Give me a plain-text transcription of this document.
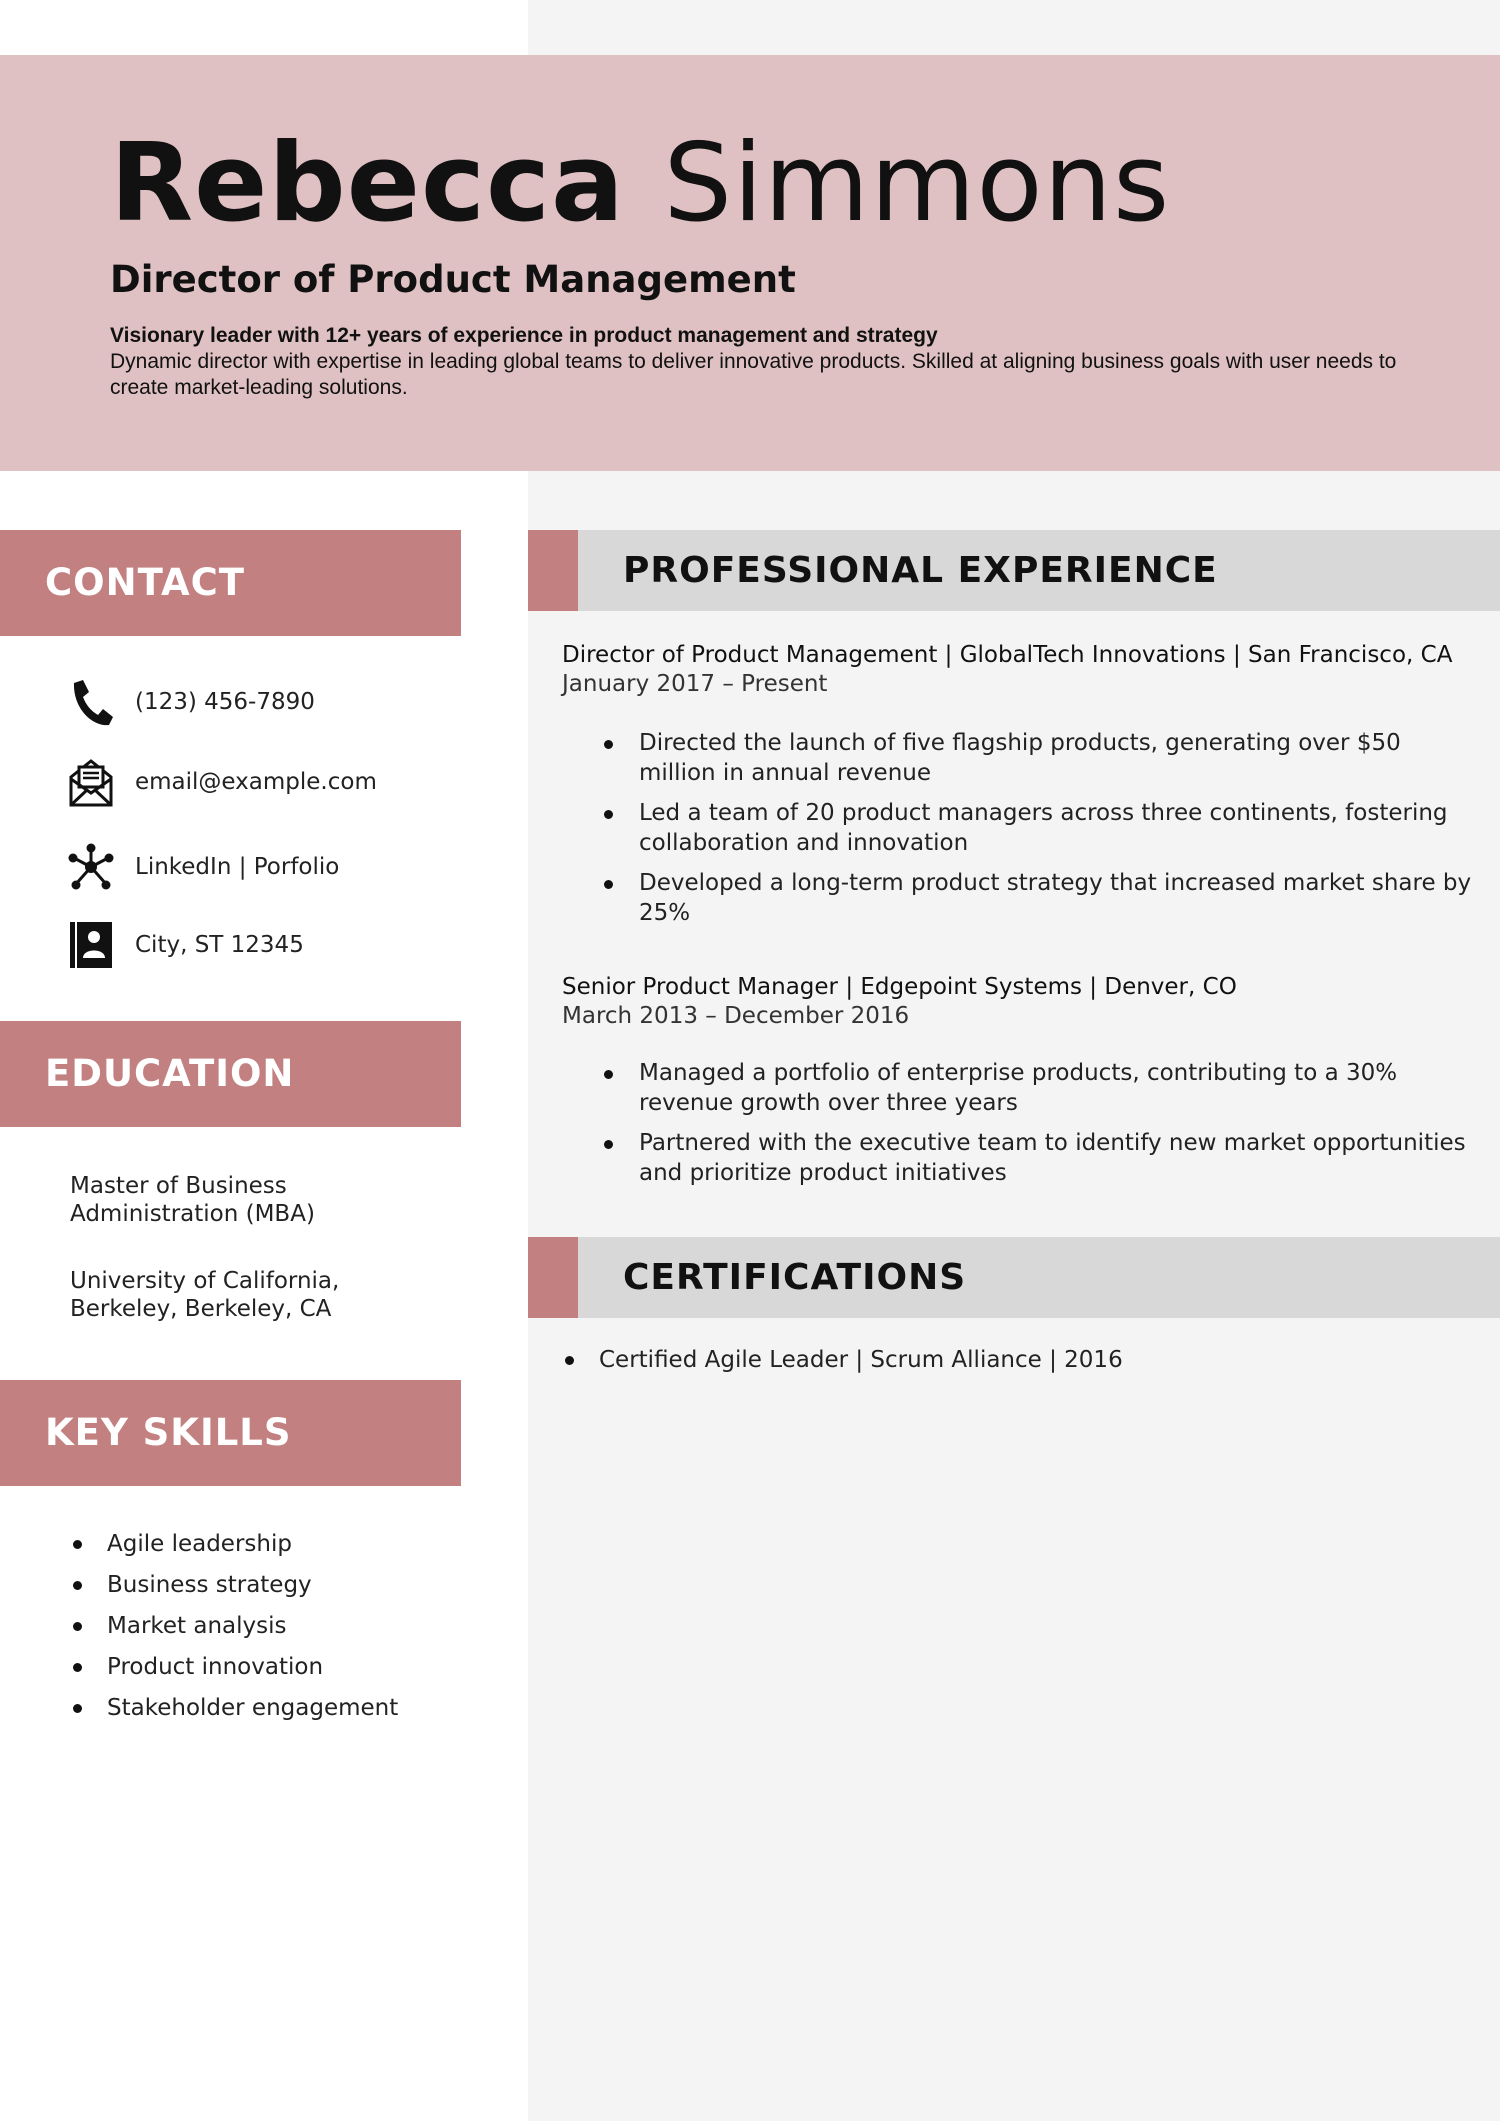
Rebecca Simmons
Director of Product Management
Visionary leader with 12+ years of experience in product management and strategy
Dynamic director with expertise in leading global teams to deliver innovative products. Skilled at aligning business goals with user needs to create market-leading solutions.
CONTACT
(123) 456-7890
email@example.com
LinkedIn | Porfolio
City, ST 12345
EDUCATION
Master of Business Administration (MBA)
University of California, Berkeley, Berkeley, CA
KEY SKILLS
Agile leadership
Business strategy
Market analysis
Product innovation
Stakeholder engagement
PROFESSIONAL EXPERIENCE
Director of Product Management | GlobalTech Innovations | San Francisco, CA
January 2017 – Present
Directed the launch of five flagship products, generating over $50 million in annual revenue
Led a team of 20 product managers across three continents, fostering collaboration and innovation
Developed a long-term product strategy that increased market share by 25%
Senior Product Manager | Edgepoint Systems | Denver, CO
March 2013 – December 2016
Managed a portfolio of enterprise products, contributing to a 30% revenue growth over three years
Partnered with the executive team to identify new market opportunities and prioritize product initiatives
CERTIFICATIONS
Certified Agile Leader | Scrum Alliance | 2016
